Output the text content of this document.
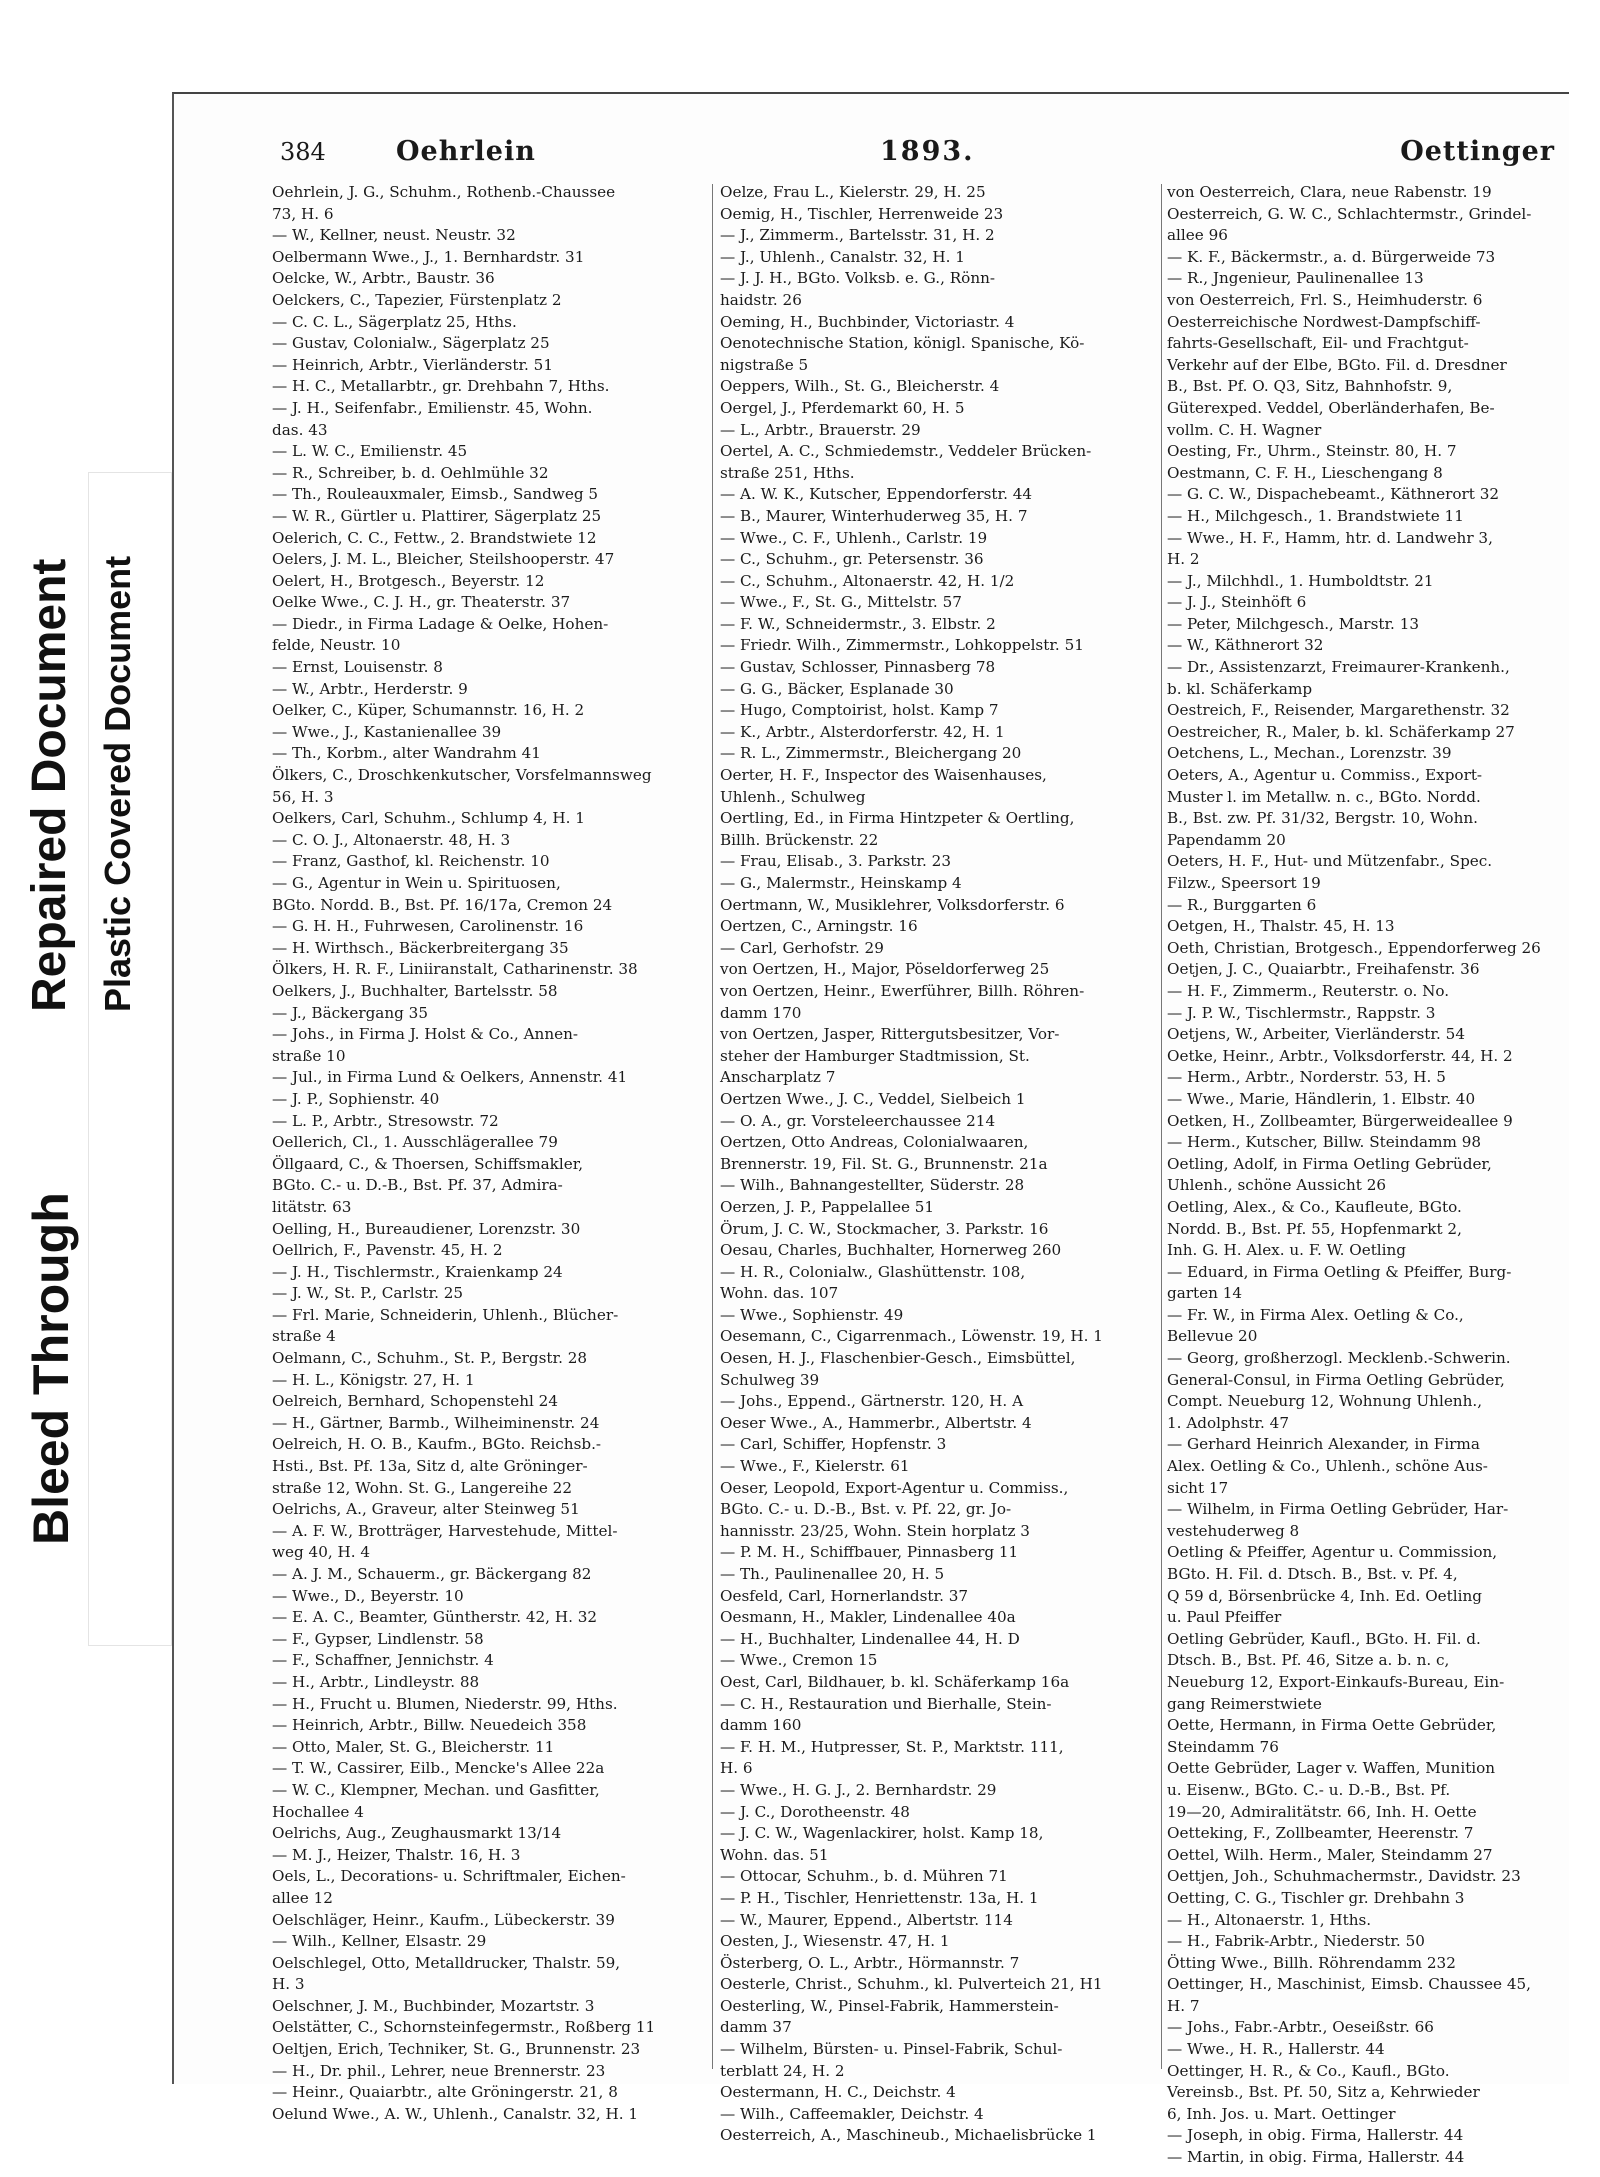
Bleed Through
Repaired Document Plastic Covered Document
384	Oehrlein	1893.	Oettinger
Oehrlein, J. G., Schuhm., Rothenb.-Chaussee
73, H. 6
— W., Kellner, neust. Neustr. 32
Oelbermann Wwe., J., 1. Bernhardstr. 31
Oelcke, W., Arbtr., Baustr. 36
Oelckers, C., Tapezier, Fürstenplatz 2
— C. C. L., Sägerplatz 25, Hths.
— Gustav, Colonialw., Sägerplatz 25
— Heinrich, Arbtr., Vierländerstr. 51
— H. C., Metallarbtr., gr. Drehbahn 7, Hths.
— J. H., Seifenfabr., Emilienstr. 45, Wohn.
das. 43
— L. W. C., Emilienstr. 45
— R., Schreiber, b. d. Oehlmühle 32
— Th., Rouleauxmaler, Eimsb., Sandweg 5
— W. R., Gürtler u. Plattirer, Sägerplatz 25
Oelerich, C. C., Fettw., 2. Brandstwiete 12
Oelers, J. M. L., Bleicher, Steilshooperstr. 47
Oelert, H., Brotgesch., Beyerstr. 12
Oelke Wwe., C. J. H., gr. Theaterstr. 37
— Diedr., in Firma Ladage & Oelke, Hohen-
felde, Neustr. 10
— Ernst, Louisenstr. 8
— W., Arbtr., Herderstr. 9
Oelker, C., Küper, Schumannstr. 16, H. 2
— Wwe., J., Kastanienallee 39
— Th., Korbm., alter Wandrahm 41
Ölkers, C., Droschkenkutscher, Vorsfelmannsweg
56, H. 3
Oelkers, Carl, Schuhm., Schlump 4, H. 1
— C. O. J., Altonaerstr. 48, H. 3
— Franz, Gasthof, kl. Reichenstr. 10
— G., Agentur in Wein u. Spirituosen,
BGto. Nordd. B., Bst. Pf. 16/17a, Cremon 24
— G. H. H., Fuhrwesen, Carolinenstr. 16
— H. Wirthsch., Bäckerbreitergang 35
Ölkers, H. R. F., Liniiranstalt, Catharinenstr. 38
Oelkers, J., Buchhalter, Bartelsstr. 58
— J., Bäckergang 35
— Johs., in Firma J. Holst & Co., Annen-
straße 10
— Jul., in Firma Lund & Oelkers, Annenstr. 41
— J. P., Sophienstr. 40
— L. P., Arbtr., Stresowstr. 72
Oellerich, Cl., 1. Ausschlägerallee 79
Öllgaard, C., & Thoersen, Schiffsmakler,
BGto. C.- u. D.-B., Bst. Pf. 37, Admira-
litätstr. 63
Oelling, H., Bureaudiener, Lorenzstr. 30
Oellrich, F., Pavenstr. 45, H. 2
— J. H., Tischlermstr., Kraienkamp 24
— J. W., St. P., Carlstr. 25
— Frl. Marie, Schneiderin, Uhlenh., Blücher-
straße 4
Oelmann, C., Schuhm., St. P., Bergstr. 28
— H. L., Königstr. 27, H. 1
Oelreich, Bernhard, Schopenstehl 24
— H., Gärtner, Barmb., Wilheiminenstr. 24
Oelreich, H. O. B., Kaufm., BGto. Reichsb.-
Hsti., Bst. Pf. 13a, Sitz d, alte Gröninger-
straße 12, Wohn. St. G., Langereihe 22
Oelrichs, A., Graveur, alter Steinweg 51
— A. F. W., Brotträger, Harvestehude, Mittel-
weg 40, H. 4
— A. J. M., Schauerm., gr. Bäckergang 82
— Wwe., D., Beyerstr. 10
— E. A. C., Beamter, Güntherstr. 42, H. 32
— F., Gypser, Lindlenstr. 58
— F., Schaffner, Jennichstr. 4
— H., Arbtr., Lindleystr. 88
— H., Frucht u. Blumen, Niederstr. 99, Hths.
— Heinrich, Arbtr., Billw. Neuedeich 358
— Otto, Maler, St. G., Bleicherstr. 11
— T. W., Cassirer, Eilb., Mencke's Allee 22a
— W. C., Klempner, Mechan. und Gasfitter,
Hochallee 4
Oelrichs, Aug., Zeughausmarkt 13/14
— M. J., Heizer, Thalstr. 16, H. 3
Oels, L., Decorations- u. Schriftmaler, Eichen-
allee 12
Oelschläger, Heinr., Kaufm., Lübeckerstr. 39
— Wilh., Kellner, Elsastr. 29
Oelschlegel, Otto, Metalldrucker, Thalstr. 59,
H. 3
Oelschner, J. M., Buchbinder, Mozartstr. 3
Oelstätter, C., Schornsteinfegermstr., Roßberg 11
Oeltjen, Erich, Techniker, St. G., Brunnenstr. 23
— H., Dr. phil., Lehrer, neue Brennerstr. 23
— Heinr., Quaiarbtr., alte Gröningerstr. 21, 8
Oelund Wwe., A. W., Uhlenh., Canalstr. 32, H. 1
Oelze, Frau L., Kielerstr. 29, H. 25
Oemig, H., Tischler, Herrenweide 23
— J., Zimmerm., Bartelsstr. 31, H. 2
— J., Uhlenh., Canalstr. 32, H. 1
— J. J. H., BGto. Volksb. e. G., Rönn-
haidstr. 26
Oeming, H., Buchbinder, Victoriastr. 4
Oenotechnische Station, königl. Spanische, Kö-
nigstraße 5
Oeppers, Wilh., St. G., Bleicherstr. 4
Oergel, J., Pferdemarkt 60, H. 5
— L., Arbtr., Brauerstr. 29
Oertel, A. C., Schmiedemstr., Veddeler Brücken-
straße 251, Hths.
— A. W. K., Kutscher, Eppendorferstr. 44
— B., Maurer, Winterhuderweg 35, H. 7
— Wwe., C. F., Uhlenh., Carlstr. 19
— C., Schuhm., gr. Petersenstr. 36
— C., Schuhm., Altonaerstr. 42, H. 1/2
— Wwe., F., St. G., Mittelstr. 57
— F. W., Schneidermstr., 3. Elbstr. 2
— Friedr. Wilh., Zimmermstr., Lohkoppelstr. 51
— Gustav, Schlosser, Pinnasberg 78
— G. G., Bäcker, Esplanade 30
— Hugo, Comptoirist, holst. Kamp 7
— K., Arbtr., Alsterdorferstr. 42, H. 1
— R. L., Zimmermstr., Bleichergang 20
Oerter, H. F., Inspector des Waisenhauses,
Uhlenh., Schulweg
Oertling, Ed., in Firma Hintzpeter & Oertling,
Billh. Brückenstr. 22
— Frau, Elisab., 3. Parkstr. 23
— G., Malermstr., Heinskamp 4
Oertmann, W., Musiklehrer, Volksdorferstr. 6
Oertzen, C., Arningstr. 16
— Carl, Gerhofstr. 29
von Oertzen, H., Major, Pöseldorferweg 25
von Oertzen, Heinr., Ewerführer, Billh. Röhren-
damm 170
von Oertzen, Jasper, Rittergutsbesitzer, Vor-
steher der Hamburger Stadtmission, St.
Anscharplatz 7
Oertzen Wwe., J. C., Veddel, Sielbeich 1
— O. A., gr. Vorsteleerchaussee 214
Oertzen, Otto Andreas, Colonialwaaren,
Brennerstr. 19, Fil. St. G., Brunnenstr. 21a
— Wilh., Bahnangestellter, Süderstr. 28
Oerzen, J. P., Pappelallee 51
Örum, J. C. W., Stockmacher, 3. Parkstr. 16
Oesau, Charles, Buchhalter, Hornerweg 260
— H. R., Colonialw., Glashüttenstr. 108,
Wohn. das. 107
— Wwe., Sophienstr. 49
Oesemann, C., Cigarrenmach., Löwenstr. 19, H. 1
Oesen, H. J., Flaschenbier-Gesch., Eimsbüttel,
Schulweg 39
— Johs., Eppend., Gärtnerstr. 120, H. A
Oeser Wwe., A., Hammerbr., Albertstr. 4
— Carl, Schiffer, Hopfenstr. 3
— Wwe., F., Kielerstr. 61
Oeser, Leopold, Export-Agentur u. Commiss.,
BGto. C.- u. D.-B., Bst. v. Pf. 22, gr. Jo-
hannisstr. 23/25, Wohn. Stein horplatz 3
— P. M. H., Schiffbauer, Pinnasberg 11
— Th., Paulinenallee 20, H. 5
Oesfeld, Carl, Hornerlandstr. 37
Oesmann, H., Makler, Lindenallee 40a
— H., Buchhalter, Lindenallee 44, H. D
— Wwe., Cremon 15
Oest, Carl, Bildhauer, b. kl. Schäferkamp 16a
— C. H., Restauration und Bierhalle, Stein-
damm 160
— F. H. M., Hutpresser, St. P., Marktstr. 111,
H. 6
— Wwe., H. G. J., 2. Bernhardstr. 29
— J. C., Dorotheenstr. 48
— J. C. W., Wagenlackirer, holst. Kamp 18,
Wohn. das. 51
— Ottocar, Schuhm., b. d. Mühren 71
— P. H., Tischler, Henriettenstr. 13a, H. 1
— W., Maurer, Eppend., Albertstr. 114
Oesten, J., Wiesenstr. 47, H. 1
Österberg, O. L., Arbtr., Hörmannstr. 7
Oesterle, Christ., Schuhm., kl. Pulverteich 21, H1
Oesterling, W., Pinsel-Fabrik, Hammerstein-
damm 37
— Wilhelm, Bürsten- u. Pinsel-Fabrik, Schul-
terblatt 24, H. 2
Oestermann, H. C., Deichstr. 4
— Wilh., Caffeemakler, Deichstr. 4
Oesterreich, A., Maschineub., Michaelisbrücke 1
von Oesterreich, Clara, neue Rabenstr. 19
Oesterreich, G. W. C., Schlachtermstr., Grindel-
allee 96
— K. F., Bäckermstr., a. d. Bürgerweide 73
— R., Jngenieur, Paulinenallee 13
von Oesterreich, Frl. S., Heimhuderstr. 6
Oesterreichische Nordwest-Dampfschiff-
fahrts-Gesellschaft, Eil- und Frachtgut-
Verkehr auf der Elbe, BGto. Fil. d. Dresdner
B., Bst. Pf. O. Q3, Sitz, Bahnhofstr. 9,
Güterexped. Veddel, Oberländerhafen, Be-
vollm. C. H. Wagner
Oesting, Fr., Uhrm., Steinstr. 80, H. 7
Oestmann, C. F. H., Lieschengang 8
— G. C. W., Dispachebeamt., Käthnerort 32
— H., Milchgesch., 1. Brandstwiete 11
— Wwe., H. F., Hamm, htr. d. Landwehr 3,
H. 2
— J., Milchhdl., 1. Humboldtstr. 21
— J. J., Steinhöft 6
— Peter, Milchgesch., Marstr. 13
— W., Käthnerort 32
— Dr., Assistenzarzt, Freimaurer-Krankenh.,
b. kl. Schäferkamp
Oestreich, F., Reisender, Margarethenstr. 32
Oestreicher, R., Maler, b. kl. Schäferkamp 27
Oetchens, L., Mechan., Lorenzstr. 39
Oeters, A., Agentur u. Commiss., Export-
Muster l. im Metallw. n. c., BGto. Nordd.
B., Bst. zw. Pf. 31/32, Bergstr. 10, Wohn.
Papendamm 20
Oeters, H. F., Hut- und Mützenfabr., Spec.
Filzw., Speersort 19
— R., Burggarten 6
Oetgen, H., Thalstr. 45, H. 13
Oeth, Christian, Brotgesch., Eppendorferweg 26
Oetjen, J. C., Quaiarbtr., Freihafenstr. 36
— H. F., Zimmerm., Reuterstr. o. No.
— J. P. W., Tischlermstr., Rappstr. 3
Oetjens, W., Arbeiter, Vierländerstr. 54
Oetke, Heinr., Arbtr., Volksdorferstr. 44, H. 2
— Herm., Arbtr., Norderstr. 53, H. 5
— Wwe., Marie, Händlerin, 1. Elbstr. 40
Oetken, H., Zollbeamter, Bürgerweideallee 9
— Herm., Kutscher, Billw. Steindamm 98
Oetling, Adolf, in Firma Oetling Gebrüder,
Uhlenh., schöne Aussicht 26
Oetling, Alex., & Co., Kaufleute, BGto.
Nordd. B., Bst. Pf. 55, Hopfenmarkt 2,
Inh. G. H. Alex. u. F. W. Oetling
— Eduard, in Firma Oetling & Pfeiffer, Burg-
garten 14
— Fr. W., in Firma Alex. Oetling & Co.,
Bellevue 20
— Georg, großherzogl. Mecklenb.-Schwerin.
General-Consul, in Firma Oetling Gebrüder,
Compt. Neueburg 12, Wohnung Uhlenh.,
1. Adolphstr. 47
— Gerhard Heinrich Alexander, in Firma
Alex. Oetling & Co., Uhlenh., schöne Aus-
sicht 17
— Wilhelm, in Firma Oetling Gebrüder, Har-
vestehuderweg 8
Oetling & Pfeiffer, Agentur u. Commission,
BGto. H. Fil. d. Dtsch. B., Bst. v. Pf. 4,
Q 59 d, Börsenbrücke 4, Inh. Ed. Oetling
u. Paul Pfeiffer
Oetling Gebrüder, Kaufl., BGto. H. Fil. d.
Dtsch. B., Bst. Pf. 46, Sitze a. b. n. c,
Neueburg 12, Export-Einkaufs-Bureau, Ein-
gang Reimerstwiete
Oette, Hermann, in Firma Oette Gebrüder,
Steindamm 76
Oette Gebrüder, Lager v. Waffen, Munition
u. Eisenw., BGto. C.- u. D.-B., Bst. Pf.
19—20, Admiralitätstr. 66, Inh. H. Oette
Oetteking, F., Zollbeamter, Heerenstr. 7
Oettel, Wilh. Herm., Maler, Steindamm 27
Oettjen, Joh., Schuhmachermstr., Davidstr. 23
Oetting, C. G., Tischler gr. Drehbahn 3
— H., Altonaerstr. 1, Hths.
— H., Fabrik-Arbtr., Niederstr. 50
Ötting Wwe., Billh. Röhrendamm 232
Oettinger, H., Maschinist, Eimsb. Chaussee 45,
H. 7
— Johs., Fabr.-Arbtr., Oeseißstr. 66
— Wwe., H. R., Hallerstr. 44
Oettinger, H. R., & Co., Kaufl., BGto.
Vereinsb., Bst. Pf. 50, Sitz a, Kehrwieder
6, Inh. Jos. u. Mart. Oettinger
— Joseph, in obig. Firma, Hallerstr. 44
— Martin, in obig. Firma, Hallerstr. 44
